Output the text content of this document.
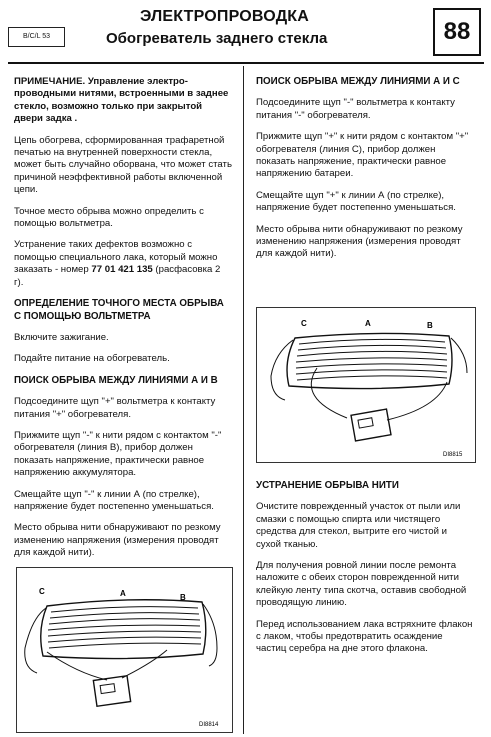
B/C/L 53
ЭЛЕКТРОПРОВОДКА
Обогреватель заднего стекла	88

ПРИМЕЧАНИЕ. Управление электро-проводными нитями, встроенными в заднее стекло, возможно только при закрытой двери задка .

Цепь обогрева, сформированная трафаретной печатью на внутренней поверхности стекла, может быть случайно оборвана, что может стать причиной неэффективной работы включенной цепи.

Точное место обрыва можно определить с помощью вольтметра.

Устранение таких дефектов возможно с помощью специального лака, который можно заказать - номер 77 01 421 135 (расфасовка 2 г).

ОПРЕДЕЛЕНИЕ ТОЧНОГО МЕСТА ОБРЫВА С ПОМОЩЬЮ ВОЛЬТМЕТРА

Включите зажигание.

Подайте питание на обогреватель.

ПОИСК ОБРЫВА МЕЖДУ ЛИНИЯМИ А И В

Подсоедините щуп "+" вольтметра к контакту питания "+" обогревателя.

Прижмите щуп "-" к нити рядом с контактом "-" обогревателя (линия В), прибор должен показать напряжение, практически равное напряжению аккумулятора.

Смещайте щуп "-" к линии А (по стрелке), напряжение будет постепенно уменьшаться.

Место обрыва нити обнаруживают по резкому изменению напряжения (измерения проводят для каждой нити).

C	A	B
DI8814
ПОИСК ОБРЫВА МЕЖДУ ЛИНИЯМИ А И С

Подсоедините щуп "-" вольтметра к контакту питания "-" обогревателя.

Прижмите щуп "+" к нити рядом с контактом "+" обогревателя (линия С), прибор должен показать напряжение, практически равное напряжению батареи.

Смещайте щуп "+" к линии А (по стрелке), напряжение будет постепенно уменьшаться.

Место обрыва нити обнаруживают по резкому изменению напряжения (измерения проводят для каждой нити).

C	A	B
DI8815
УСТРАНЕНИЕ ОБРЫВА НИТИ

Очистите поврежденный участок от пыли или смазки с помощью спирта или чистящего средства для стекол, вытрите его чистой и сухой тканью.

Для получения ровной линии после ремонта наложите с обеих сторон поврежденной нити клейкую ленту типа скотча, оставив свободной проводящую линию.

Перед использованием лака встряхните флакон с лаком, чтобы предотвратить осаждение частиц серебра на дне этого флакона.
